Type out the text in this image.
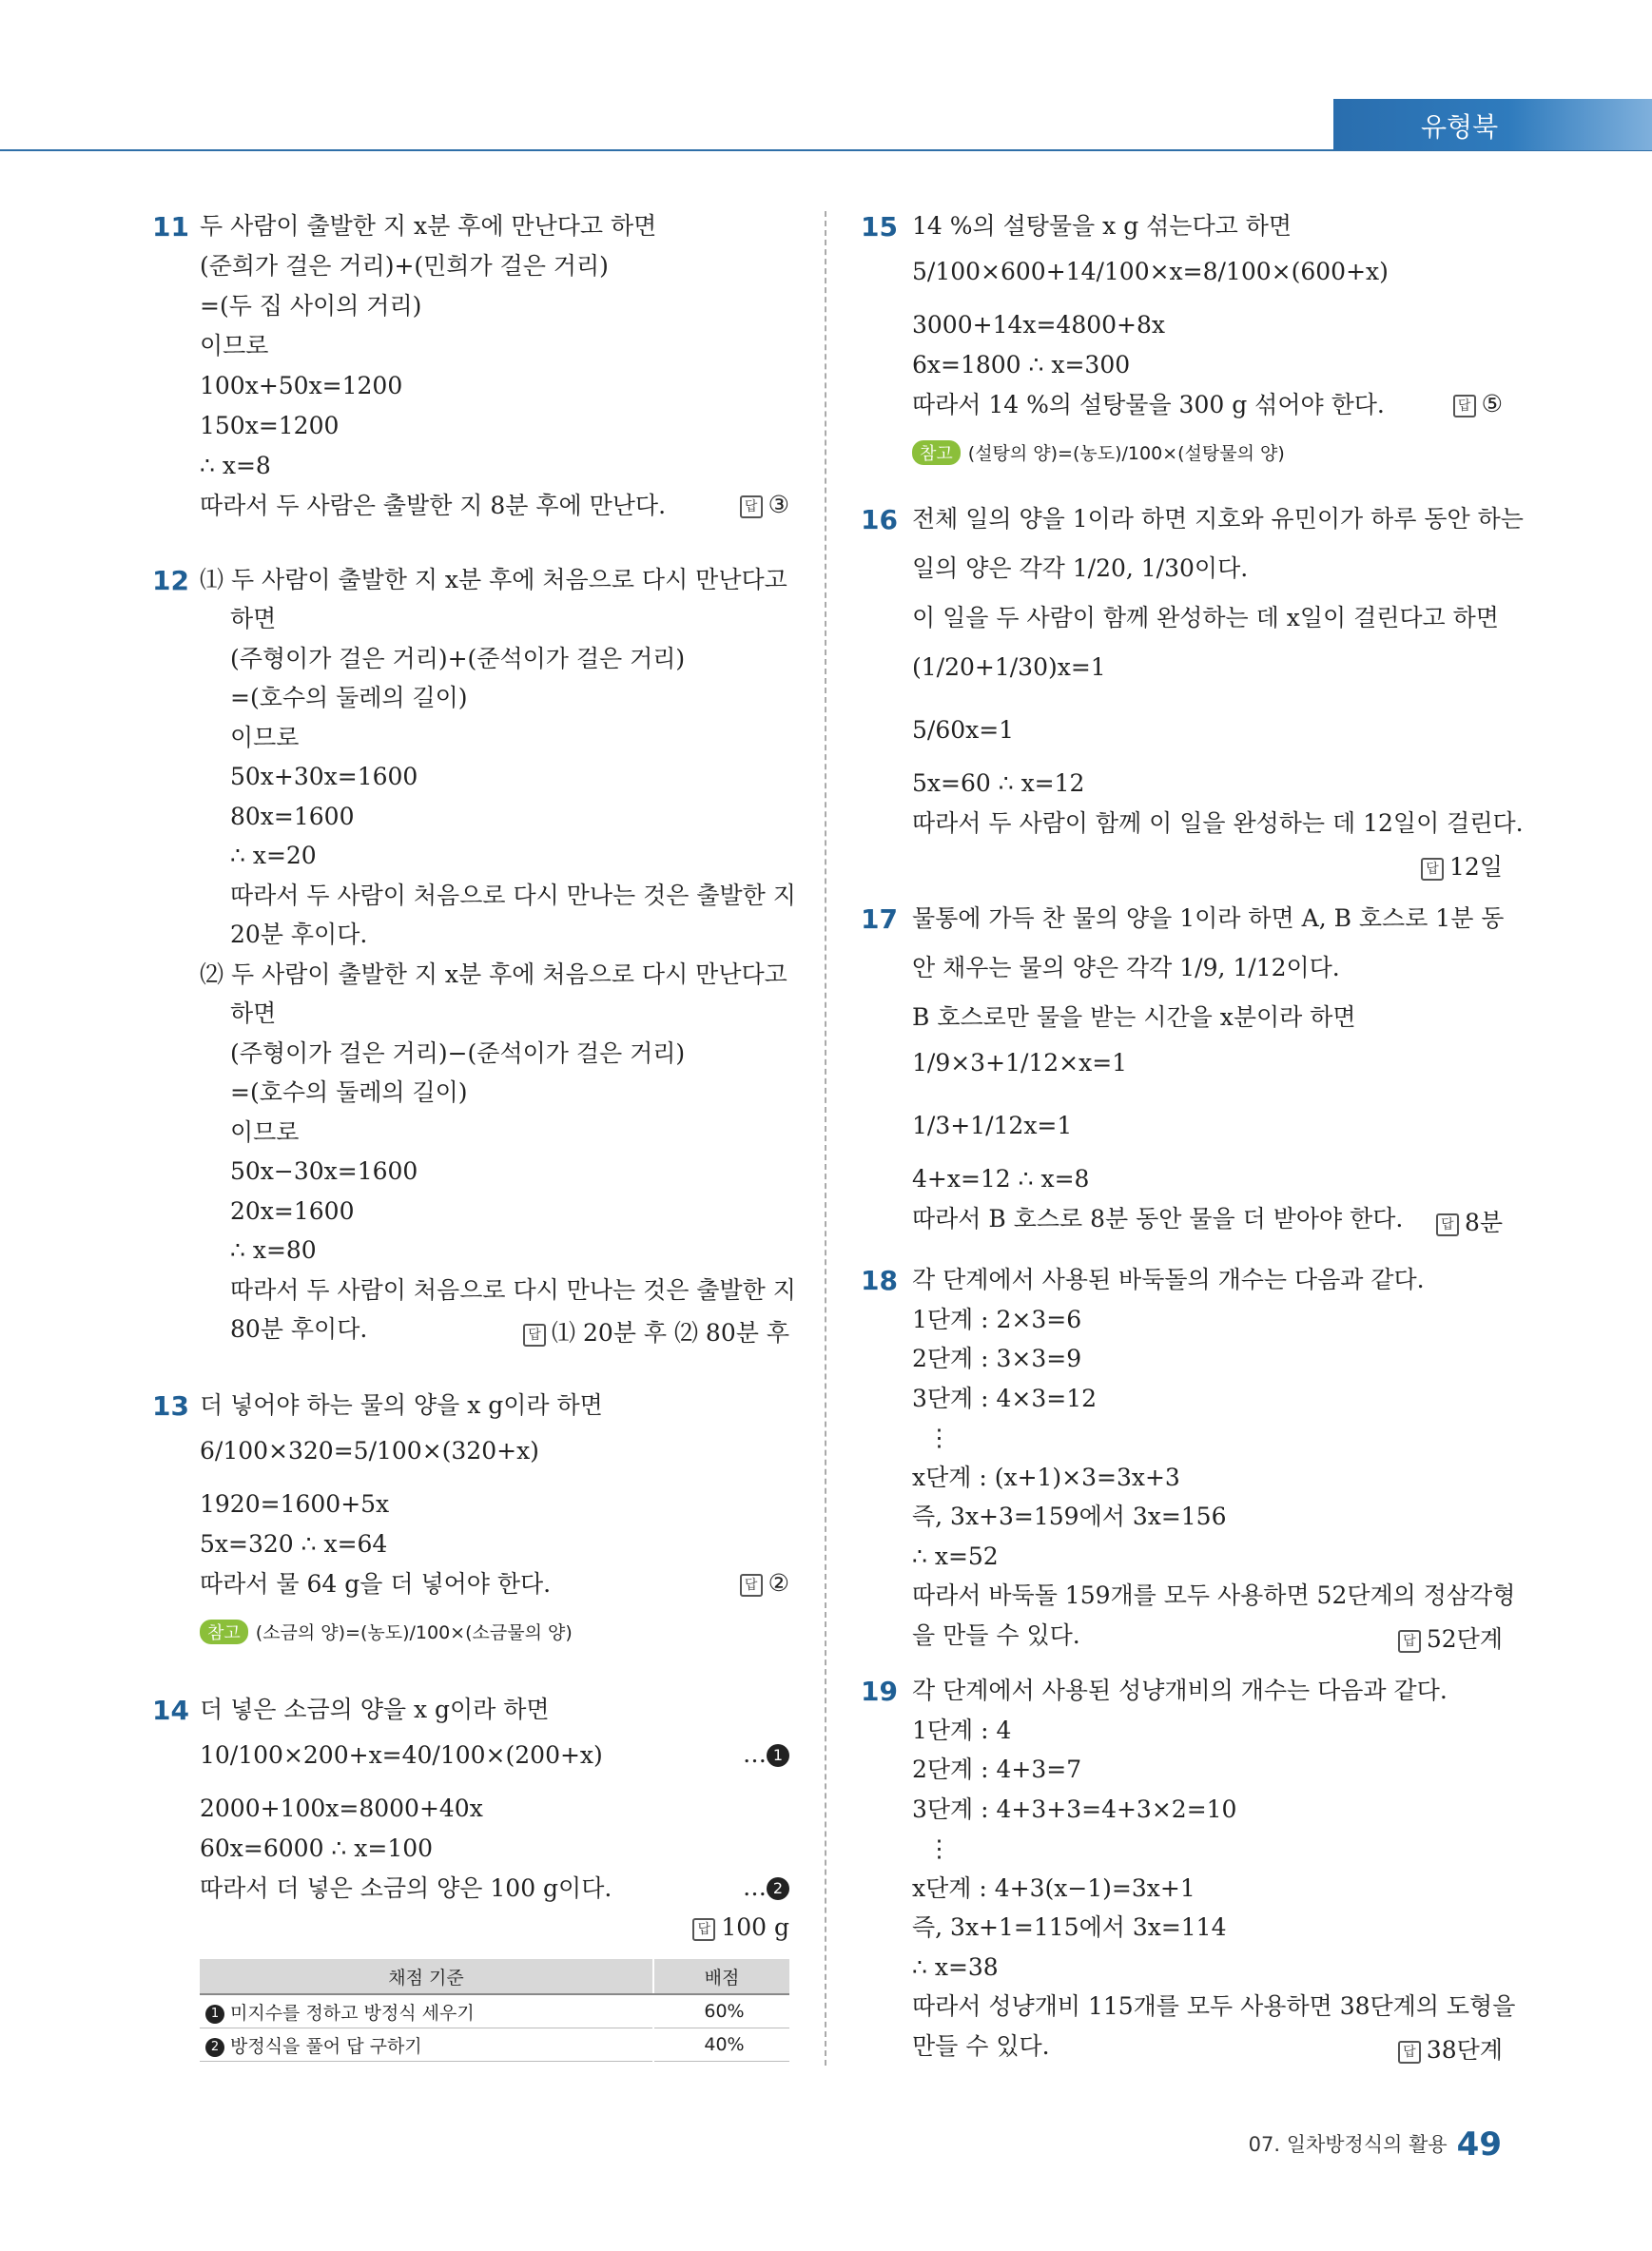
유형북
11 두 사람이 출발한 지 x분 후에 만난다고 하면
(준희가 걸은 거리)+(민희가 걸은 거리)
=(두 집 사이의 거리)
이므로
100x+50x=1200
150x=1200
∴ x=8
따라서 두 사람은 출발한 지 8분 후에 만난다.	답 ③
12 ⑴ 두 사람이 출발한 지 x분 후에 처음으로 다시 만난다고
하면
(주형이가 걸은 거리)+(준석이가 걸은 거리)
=(호수의 둘레의 길이)
이므로
50x+30x=1600
80x=1600
∴ x=20
따라서 두 사람이 처음으로 다시 만나는 것은 출발한 지
20분 후이다.
⑵ 두 사람이 출발한 지 x분 후에 처음으로 다시 만난다고
하면
(주형이가 걸은 거리)−(준석이가 걸은 거리)
=(호수의 둘레의 길이)
이므로
50x−30x=1600
20x=1600
∴ x=80
따라서 두 사람이 처음으로 다시 만나는 것은 출발한 지
80분 후이다.	답 ⑴ 20분 후 ⑵ 80분 후
13 더 넣어야 하는 물의 양을 x g이라 하면
6/100×320=5/100×(320+x)
1920=1600+5x
5x=320 ∴ x=64
따라서 물 64 g을 더 넣어야 한다.	답 ②
참고 (소금의 양)=(농도)/100×(소금물의 양)
14 더 넣은 소금의 양을 x g이라 하면
10/100×200+x=40/100×(200+x)	… 1
2000+100x=8000+40x
60x=6000 ∴ x=100
따라서 더 넣은 소금의 양은 100 g이다.	… 2
답 100 g
채점 기준	배점
1 미지수를 정하고 방정식 세우기	60%
2 방정식을 풀어 답 구하기	40%
15 14 %의 설탕물을 x g 섞는다고 하면
5/100×600+14/100×x=8/100×(600+x)
3000+14x=4800+8x
6x=1800 ∴ x=300
따라서 14 %의 설탕물을 300 g 섞어야 한다.	답 ⑤
참고 (설탕의 양)=(농도)/100×(설탕물의 양)
16 전체 일의 양을 1이라 하면 지호와 유민이가 하루 동안 하는
일의 양은 각각 1/20, 1/30이다.
이 일을 두 사람이 함께 완성하는 데 x일이 걸린다고 하면
(1/20+1/30)x=1
5/60x=1
5x=60 ∴ x=12
따라서 두 사람이 함께 이 일을 완성하는 데 12일이 걸린다.
답 12일
17 물통에 가득 찬 물의 양을 1이라 하면 A, B 호스로 1분 동
안 채우는 물의 양은 각각 1/9, 1/12이다.
B 호스로만 물을 받는 시간을 x분이라 하면
1/9×3+1/12×x=1
1/3+1/12x=1
4+x=12 ∴ x=8
따라서 B 호스로 8분 동안 물을 더 받아야 한다.	답 8분
18 각 단계에서 사용된 바둑돌의 개수는 다음과 같다.
1단계 : 2×3=6
2단계 : 3×3=9
3단계 : 4×3=12
⋮
x단계 : (x+1)×3=3x+3
즉, 3x+3=159에서 3x=156
∴ x=52
따라서 바둑돌 159개를 모두 사용하면 52단계의 정삼각형
을 만들 수 있다.	답 52단계
19 각 단계에서 사용된 성냥개비의 개수는 다음과 같다.
1단계 : 4
2단계 : 4+3=7
3단계 : 4+3+3=4+3×2=10
⋮
x단계 : 4+3(x−1)=3x+1
즉, 3x+1=115에서 3x=114
∴ x=38
따라서 성냥개비 115개를 모두 사용하면 38단계의 도형을
만들 수 있다.	답 38단계
07. 일차방정식의 활용 49
